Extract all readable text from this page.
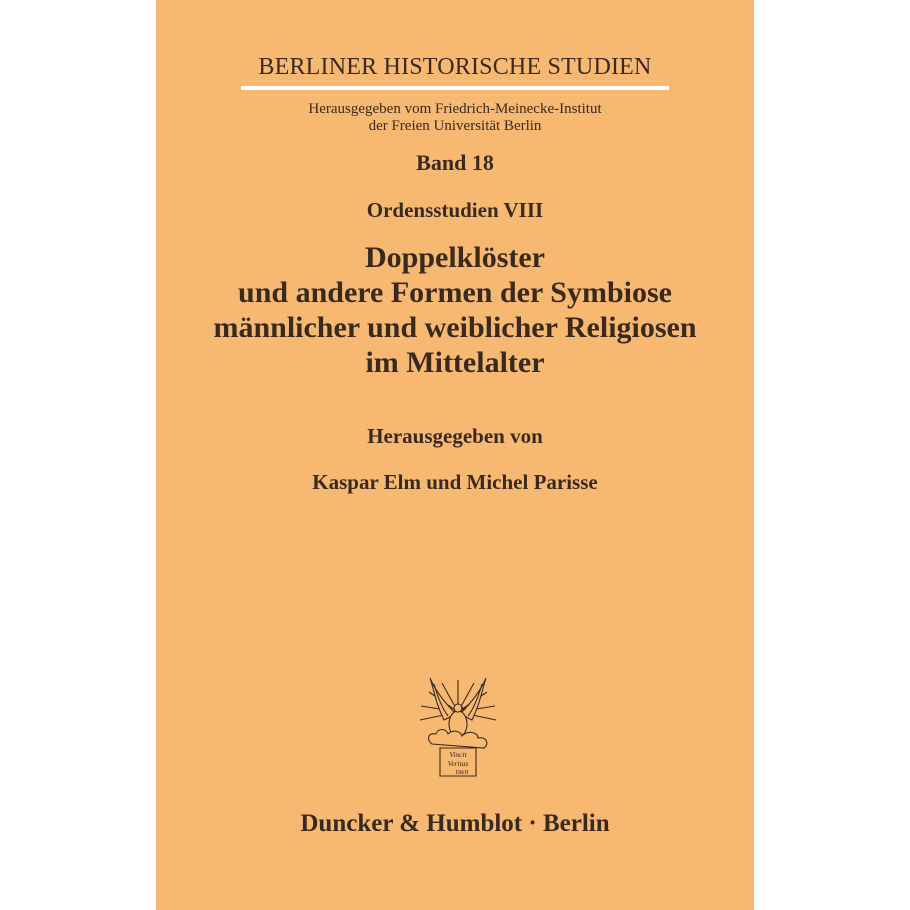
BERLINER HISTORISCHE STUDIEN
Herausgegeben vom Friedrich-Meinecke-Institut
der Freien Universität Berlin
Band 18
Ordensstudien VIII
Doppelklöster
und andere Formen der Symbiose
männlicher und weiblicher Religiosen
im Mittelalter
Herausgegeben von
Kaspar Elm und Michel Parisse
Vincit
Veritas
D&H
Duncker & Humblot · Berlin
